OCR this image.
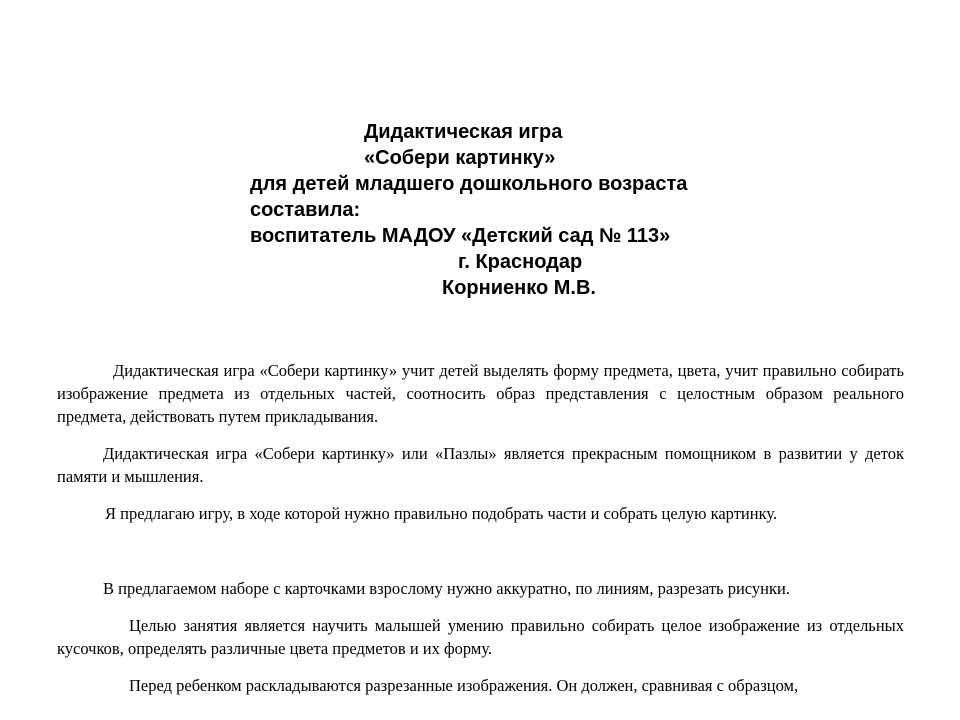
Дидактическая игра
«Собери картинку»
для детей младшего дошкольного возраста
составила:
воспитатель МАДОУ «Детский сад № 113»
г. Краснодар
Корниенко М.В.

Дидактическая игра «Собери картинку» учит детей выделять форму предмета, цвета, учит правильно собирать изображение предмета из отдельных частей, соотносить образ представления с целостным образом реального предмета, действовать путем прикладывания.

Дидактическая игра «Собери картинку» или «Пазлы» является прекрасным помощником в развитии у деток памяти и мышления.

Я предлагаю игру, в ходе которой нужно правильно подобрать части и собрать целую картинку.

В предлагаемом наборе с карточками взрослому нужно аккуратно, по линиям, разрезать рисунки.

Целью занятия является научить малышей умению правильно собирать целое изображение из отдельных кусочков, определять различные цвета предметов и их форму.

Перед ребенком раскладываются разрезанные изображения. Он должен, сравнивая с образцом,
